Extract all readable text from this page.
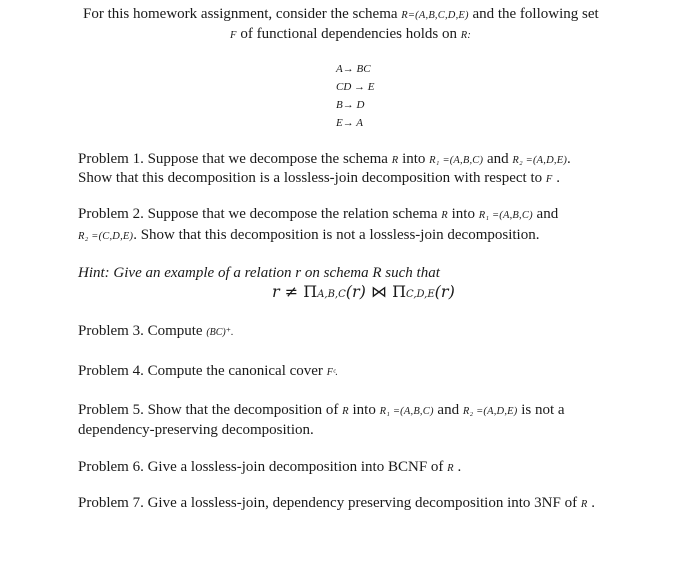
For this homework assignment, consider the schema R=(A,B,C,D,E) and the following set
F of functional dependencies holds on R:
A→ BC
CD → E
B→ D
E→ A
Problem 1. Suppose that we decompose the schema R into R₁ =(A,B,C) and R₂ =(A,D,E).
Show that this decomposition is a lossless-join decomposition with respect to F .
Problem 2. Suppose that we decompose the relation schema R into R₁ =(A,B,C) and
R₂ =(C,D,E). Show that this decomposition is not a lossless-join decomposition.
Hint: Give an example of a relation r on schema R such that
r ≠ ΠA,B,C(r) ⋈ ΠC,D,E(r)
Problem 3. Compute (BC)⁺.
Problem 4. Compute the canonical cover Fᶜ.
Problem 5. Show that the decomposition of R into R₁ =(A,B,C) and R₂ =(A,D,E) is not a
dependency-preserving decomposition.
Problem 6. Give a lossless-join decomposition into BCNF of R .
Problem 7. Give a lossless-join, dependency preserving decomposition into 3NF of R .
